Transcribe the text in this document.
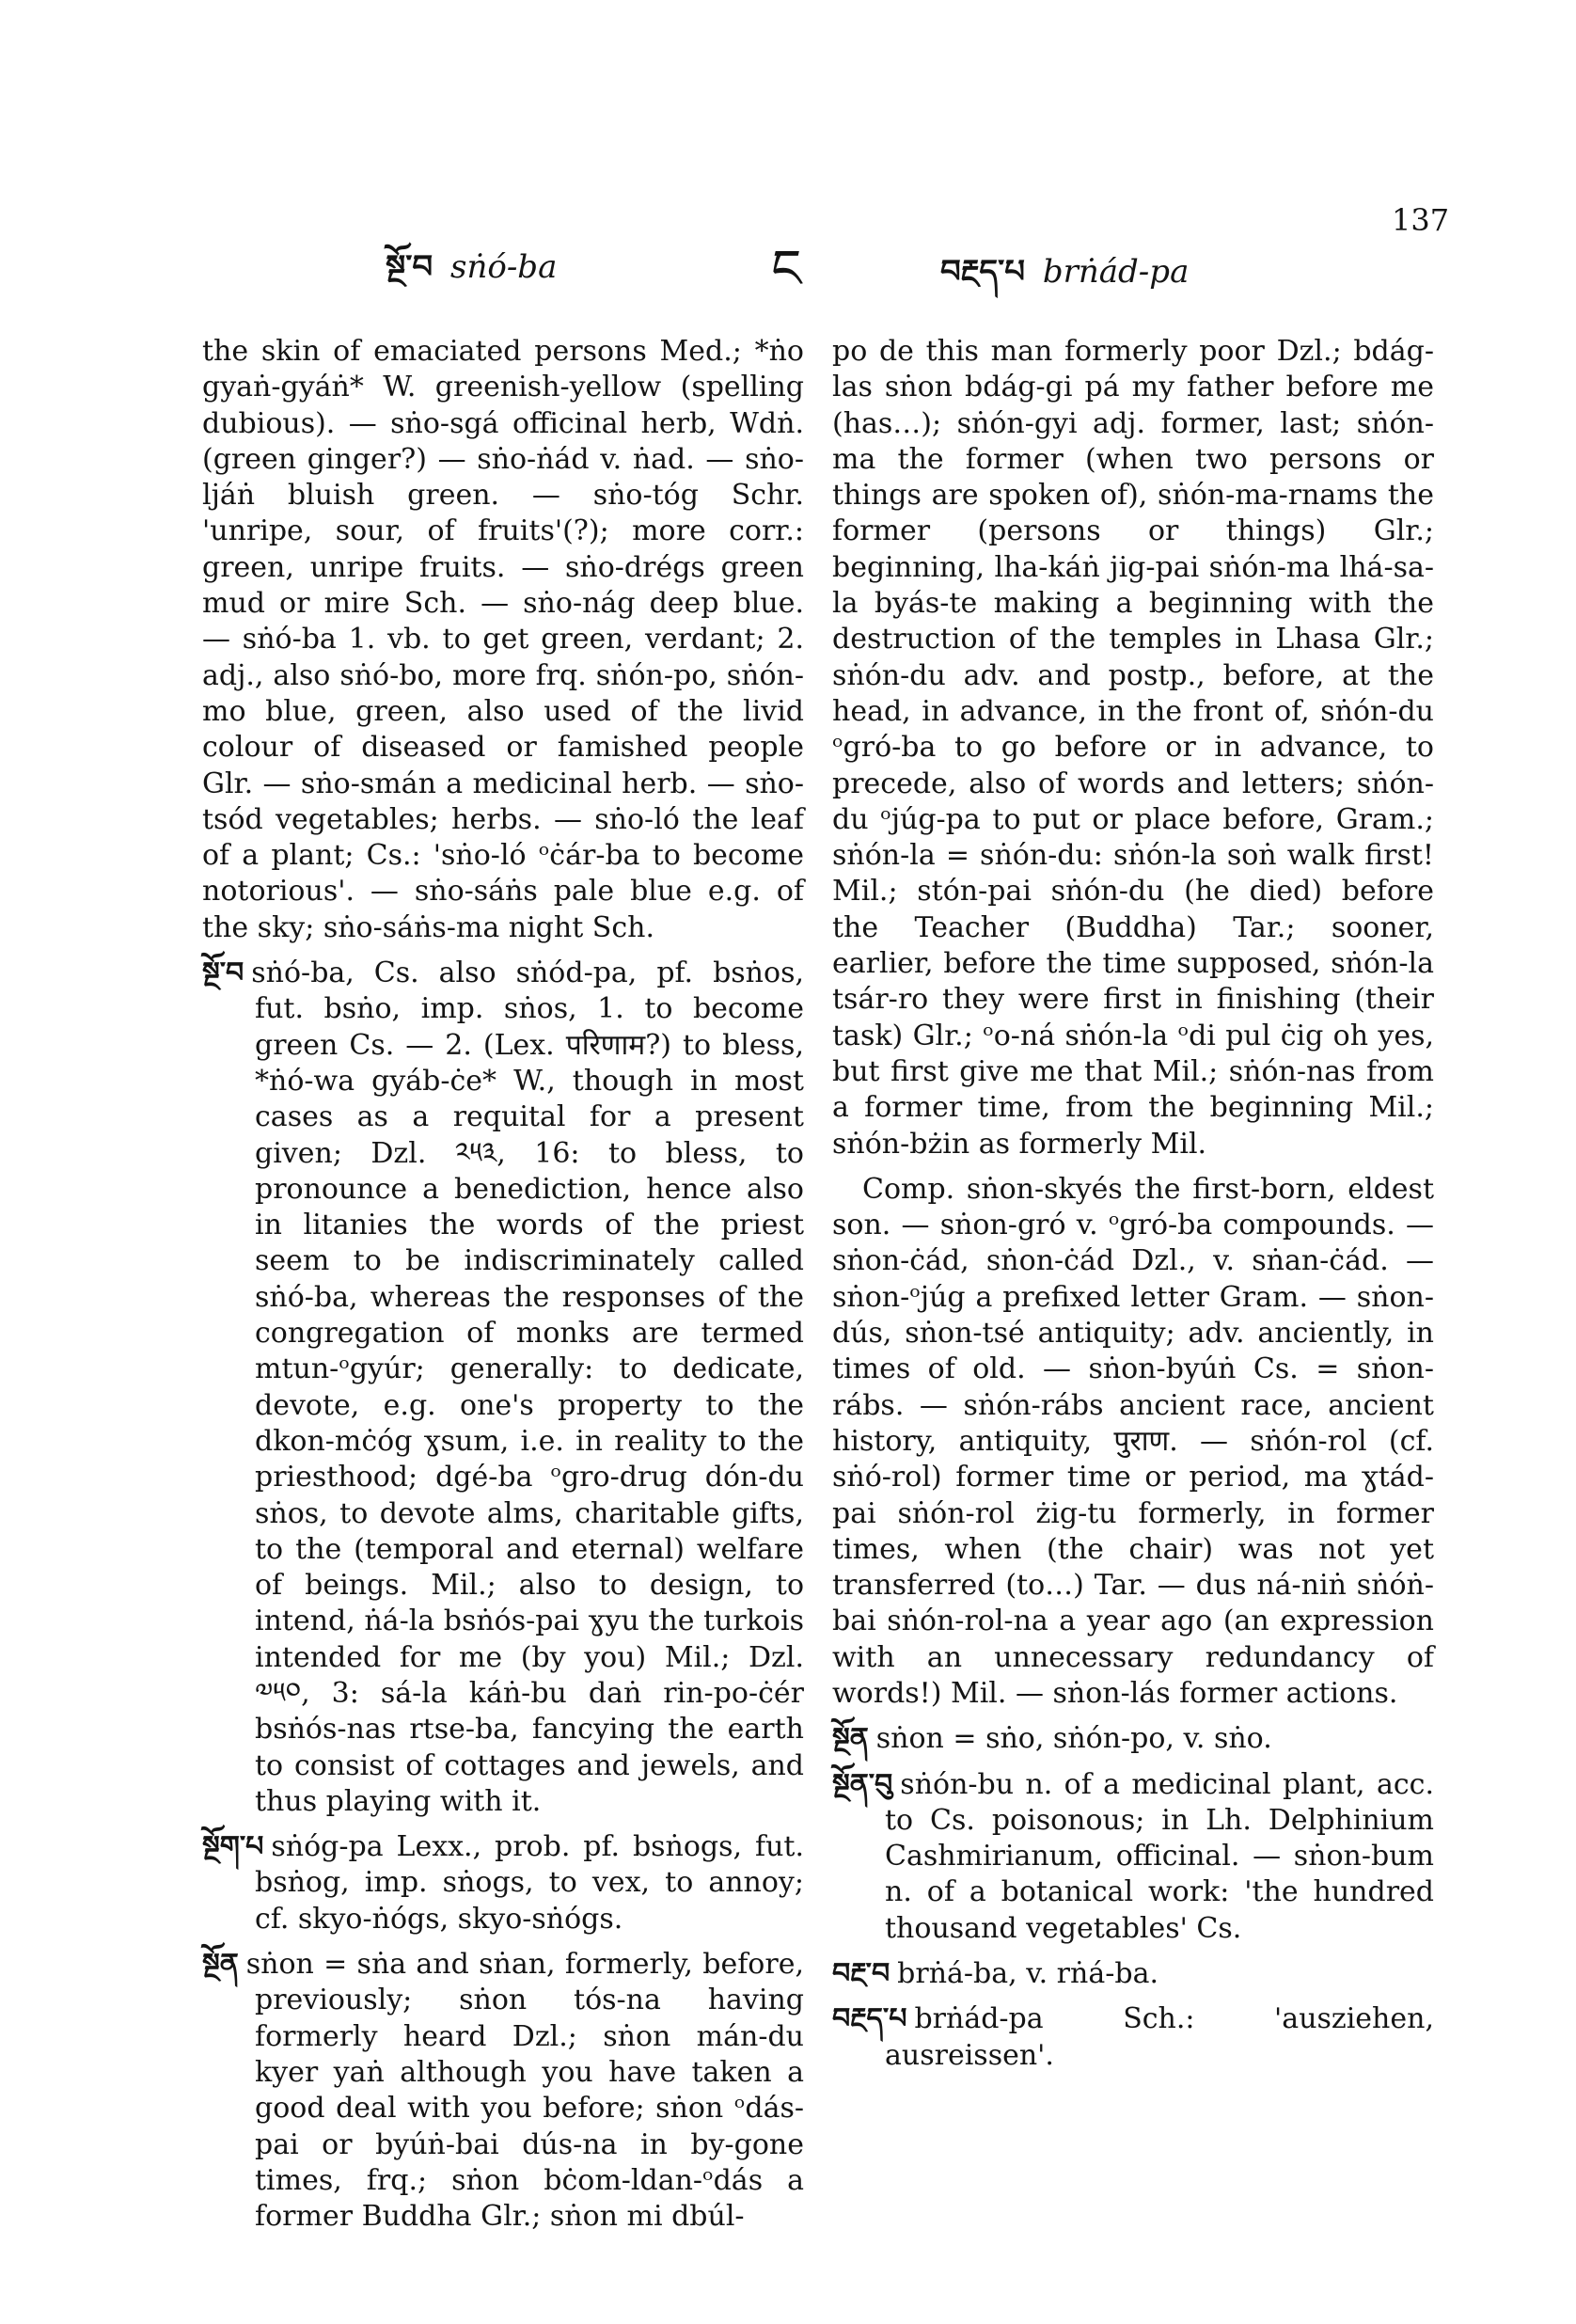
སྔོ་བ sṅó-ba	ང	བརྔད་པ brṅád-pa
137

the skin of emaciated persons Med.; *ṅo gyaṅ-gyáṅ* W. greenish-yellow (spelling dubious). — sṅo-sgá officinal herb, Wdṅ. (green ginger?) — sṅo-ṅád v. ṅad. — sṅo-ljáṅ bluish green. — sṅo-tóg Schr. 'unripe, sour, of fruits'(?); more corr.: green, unripe fruits. — sṅo-drégs green mud or mire Sch. — sṅo-nág deep blue. — sṅó-ba 1. vb. to get green, verdant; 2. adj., also sṅó-bo, more frq. sṅón-po, sṅón-mo blue, green, also used of the livid colour of diseased or famished people Glr. — sṅo-smán a medicinal herb. — sṅo-tsód vegetables; herbs. — sṅo-ló the leaf of a plant; Cs.: 'sṅo-ló ᵒċár-ba to become notorious'. — sṅo-sáṅs pale blue e.g. of the sky; sṅo-sáṅs-ma night Sch.

སྔོ་བ sṅó-ba, Cs. also sṅód-pa, pf. bsṅos, fut. bsṅo, imp. sṅos, 1. to become green Cs. — 2. (Lex. परिणाम?) to bless, *ṅó-wa gyáb-ċe* W., though in most cases as a requital for a present given; Dzl. ༢༥༣, 16: to bless, to pronounce a benediction, hence also in litanies the words of the priest seem to be indiscriminately called sṅó-ba, whereas the responses of the congregation of monks are termed mtun-ᵒgyúr; generally: to dedicate, devote, e.g. one's property to the dkon-mċóg ɣsum, i.e. in reality to the priesthood; dgé-ba ᵒgro-drug dón-du sṅos, to devote alms, charitable gifts, to the (temporal and eternal) welfare of beings. Mil.; also to design, to intend, ṅá-la bsṅós-pai ɣyu the turkois intended for me (by you) Mil.; Dzl. ༧༥༠, 3: sá-la káṅ-bu daṅ rin-po-ċér bsṅós-nas rtse-ba, fancying the earth to consist of cottages and jewels, and thus playing with it.

སྔོག་པ sṅóg-pa Lexx., prob. pf. bsṅogs, fut. bsṅog, imp. sṅogs, to vex, to annoy; cf. skyo-ṅógs, skyo-sṅógs.

སྔོན sṅon = sṅa and sṅan, formerly, before, previously; sṅon tós-na having formerly heard Dzl.; sṅon mán-du kyer yaṅ although you have taken a good deal with you before; sṅon ᵒdás-pai or byúṅ-bai dús-na in by-gone times, frq.; sṅon bċom-ldan-ᵒdás a former Buddha Glr.; sṅon mi dbúl-

po de this man formerly poor Dzl.; bdág-las sṅon bdág-gi pá my father before me (has…); sṅón-gyi adj. former, last; sṅón-ma the former (when two persons or things are spoken of), sṅón-ma-rnams the former (persons or things) Glr.; beginning, lha-káṅ jig-pai sṅón-ma lhá-sa-la byás-te making a beginning with the destruction of the temples in Lhasa Glr.; sṅón-du adv. and postp., before, at the head, in advance, in the front of, sṅón-du ᵒgró-ba to go before or in advance, to precede, also of words and letters; sṅón-du ᵒjúg-pa to put or place before, Gram.; sṅón-la = sṅón-du: sṅón-la soṅ walk first! Mil.; stón-pai sṅón-du (he died) before the Teacher (Buddha) Tar.; sooner, earlier, before the time supposed, sṅón-la tsár-ro they were first in finishing (their task) Glr.; ᵒo-ná sṅón-la ᵒdi pul ċig oh yes, but first give me that Mil.; sṅón-nas from a former time, from the beginning Mil.; sṅón-bżin as formerly Mil.

Comp. sṅon-skyés the first-born, eldest son. — sṅon-gró v. ᵒgró-ba compounds. — sṅon-ċád, sṅon-ċád Dzl., v. sṅan-ċád. — sṅon-ᵒjúg a prefixed letter Gram. — sṅon-dús, sṅon-tsé antiquity; adv. anciently, in times of old. — sṅon-byúṅ Cs. = sṅon-rábs. — sṅón-rábs ancient race, ancient history, antiquity, पुराण. — sṅón-rol (cf. sṅó-rol) former time or period, ma ɣtád-pai sṅón-rol żig-tu formerly, in former times, when (the chair) was not yet transferred (to…) Tar. — dus ná-niṅ sṅóṅ-bai sṅón-rol-na a year ago (an expression with an unnecessary redundancy of words!) Mil. — sṅon-lás former actions.

སྔོན sṅon = sṅo, sṅón-po, v. sṅo.

སྔོན་བུ sṅón-bu n. of a medicinal plant, acc. to Cs. poisonous; in Lh. Delphinium Cashmirianum, officinal. — sṅon-bum n. of a botanical work: 'the hundred thousand vegetables' Cs.

བརྔ་བ brṅá-ba, v. rṅá-ba.

བརྔད་པ brṅád-pa Sch.: 'ausziehen, ausreissen'.
